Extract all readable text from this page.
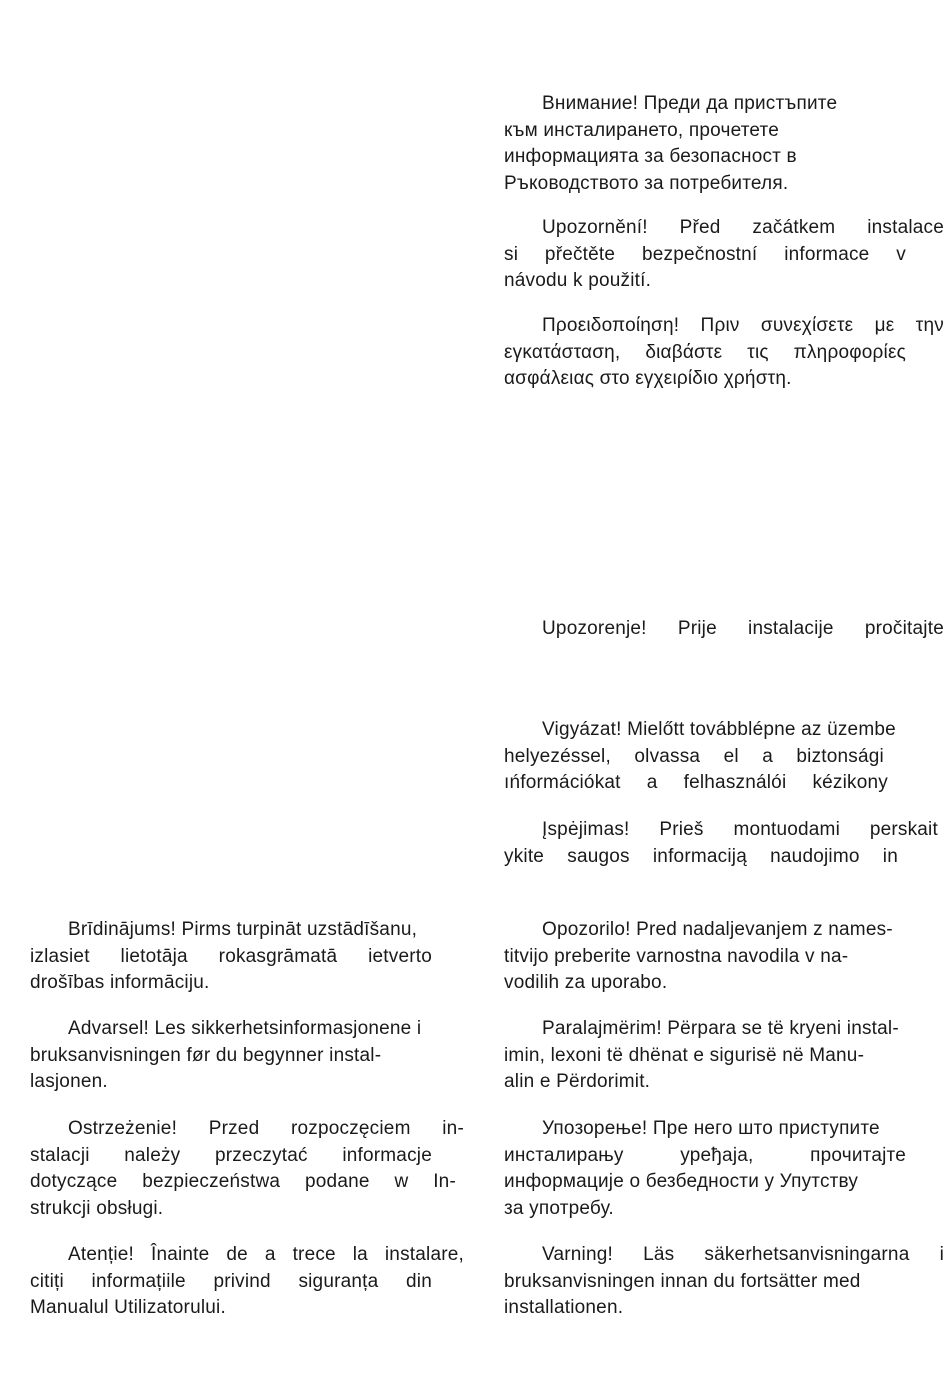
Внимание! Преди да пристъпите
към инсталирането, прочетете
информацията за безопасност в
Ръководството за потребителя.
Upozornění! Před začátkem instalace
si přečtěte bezpečnostní informace v
návodu k použití.
Προειδοποίηση! Πριν συνεχίσετε με την
εγκατάσταση, διαβάστε τις πληροφορίες
ασφάλειας στο εγχειρίδιο χρήστη.
Upozorenje! Prije instalacije pročitajte
Vigyázat! Mielőtt továbblépne az üzembe
helyezéssel, olvassa el a biztonsági
ıńformációkat a felhasználói kézikony
Įspėjimas! Prieš montuodami perskait
ykite saugos informaciją naudojimo in
Brīdinājums! Pirms turpināt uzstādīšanu,
izlasiet lietotāja rokasgrāmatā ietverto
drošības informāciju.
Advarsel! Les sikkerhetsinformasjonene i
bruksanvisningen før du begynner instal-
lasjonen.
Ostrzeżenie! Przed rozpoczęciem in-
stalacji należy przeczytać informacje
dotyczące bezpieczeństwa podane w In-
strukcji obsługi.
Atenție! Înainte de a trece la instalare,
citiți informațiile privind siguranța din
Manualul Utilizatorului.
Opozorilo! Pred nadaljevanjem z names-
titvijo preberite varnostna navodila v na-
vodilih za uporabo.
Paralajmërim! Përpara se të kryeni instal-
imin, lexoni të dhënat e sigurisë në Manu-
alin e Përdorimit.
Упозорење! Пре него што приступите
инсталирању	уређаја,	прочитајте
информације о безбедности у Упутству
за употребу.
Varning! Läs säkerhetsanvisningarna i
bruksanvisningen innan du fortsätter med
installationen.
